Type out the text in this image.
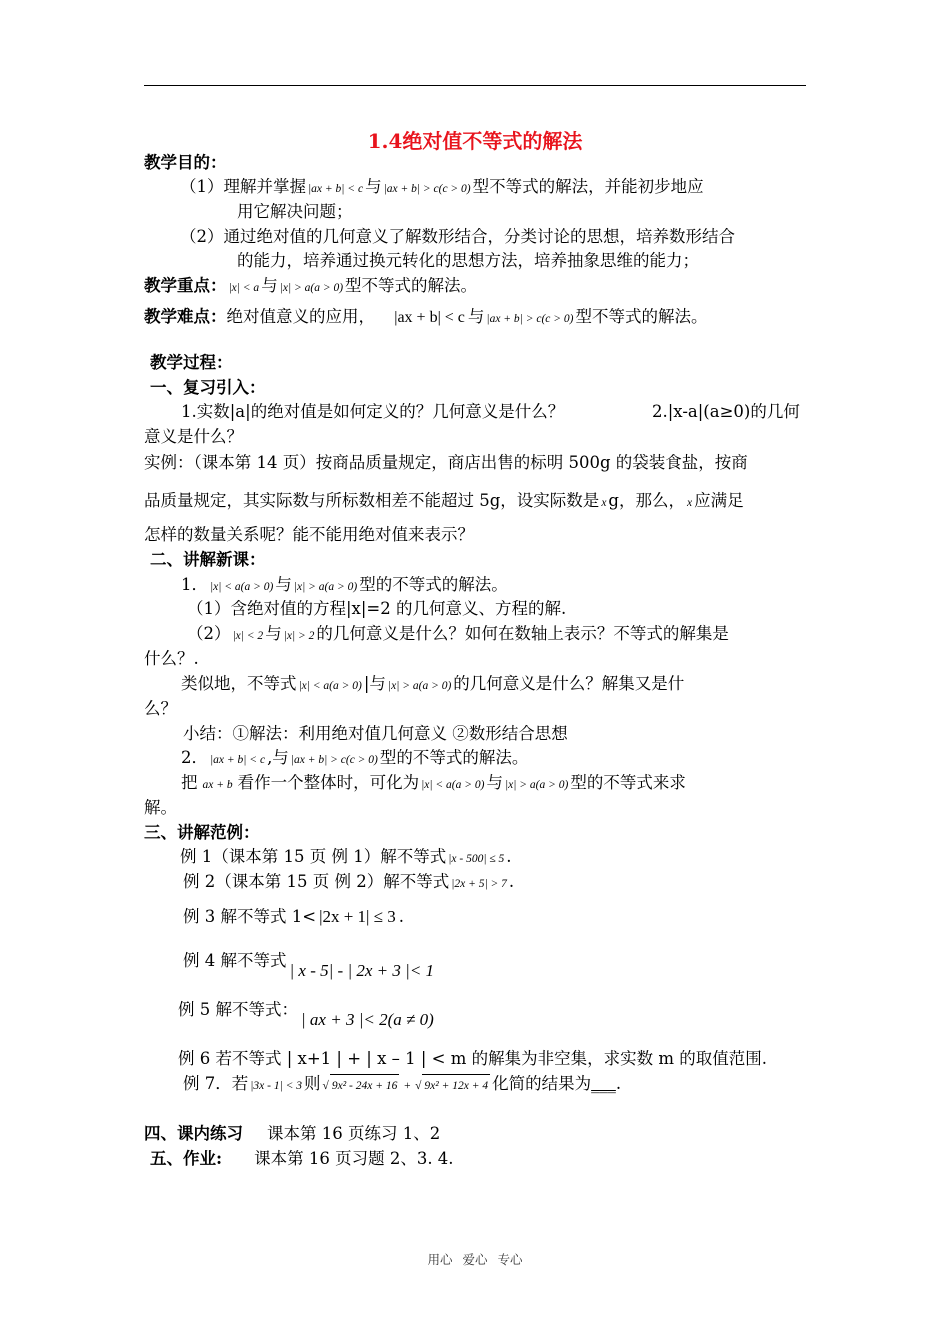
1.4绝对值不等式的解法
教学目的：
（1）理解并掌握 |ax + b| < c 与 |ax + b| > c(c > 0) 型不等式的解法，并能初步地应
用它解决问题；
（2）通过绝对值的几何意义了解数形结合，分类讨论的思想，培养数形结合
的能力，培养通过换元转化的思想方法，培养抽象思维的能力；
教学重点： |x| < a 与 |x| > a(a > 0) 型不等式的解法。
教学难点：绝对值意义的应用， |ax + b| < c 与 |ax + b| > c(c > 0) 型不等式的解法。
教学过程：
一、复习引入：
1.实数|a|的绝对值是如何定义的？几何意义是什么？	2.|x-a|(a≥0)的几何
意义是什么？
实例：（课本第 14 页）按商品质量规定，商店出售的标明 500g 的袋装食盐，按商
品质量规定，其实际数与所标数相差不能超过 5g，设实际数是 x g，那么， x 应满足
怎样的数量关系呢？能不能用绝对值来表示？
二、讲解新课：
1． |x| < a(a > 0) 与 |x| > a(a > 0) 型的不等式的解法。
（1）含绝对值的方程|x|=2 的几何意义、方程的解.
（2） |x| < 2 与 |x| > 2 的几何意义是什么？如何在数轴上表示？不等式的解集是
什么？.
类似地，不等式 |x| < a(a > 0) |与 |x| > a(a > 0) 的几何意义是什么？解集又是什
么？
小结：①解法：利用绝对值几何意义 ②数形结合思想
2． |ax + b| < c ,与 |ax + b| > c(c > 0) 型的不等式的解法。
把 ax + b 看作一个整体时，可化为 |x| < a(a > 0) 与 |x| > a(a > 0) 型的不等式来求
解。
三、讲解范例：
例 1（课本第 15 页 例 1）解不等式 |x - 500| ≤ 5 .
例 2（课本第 15 页 例 2）解不等式 |2x + 5| > 7 .
例 3 解不等式 1< |2x + 1| ≤ 3 .
例 4 解不等式| x - 5| - | 2x + 3 |< 1
例 5 解不等式：| ax + 3 |< 2(a ≠ 0)
例 6 若不等式 | x+1 | + | x – 1 | < m 的解集为非空集，求实数 m 的取值范围.
例 7．若 |3x - 1| < 3 则 √ 9x² - 24x + 16 + √ 9x² + 12x + 4 化简的结果为___.
四、课内练习 课本第 16 页练习 1、2
五、作业: 课本第 16 页习题 2、3. 4.
用心 爱心 专心
